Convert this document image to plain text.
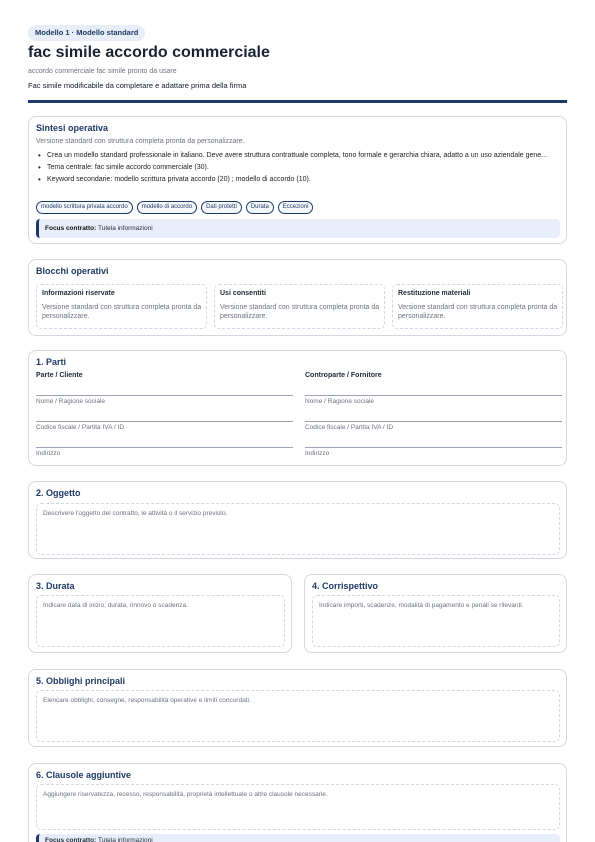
Modello 1 · Modello standard
fac simile accordo commerciale
accordo commerciale fac simile pronto da usare
Fac simile modificabile da completare e adattare prima della firma
Sintesi operativa
Versione standard con struttura completa pronta da personalizzare.
• Crea un modello standard professionale in italiano. Deve avere struttura contrattuale completa, tono formale e gerarchia chiara, adatto a un uso aziendale gene...
• Tema centrale: fac simile accordo commerciale (30).
• Keyword secondarie: modello scrittura privata accordo (20) ; modello di accordo (10).
modello scrittura privata accordo	modello di accordo	Dati protetti	Durata	Eccezioni
Focus contratto: Tutela informazioni
Blocchi operativi
Informazioni riservate
Versione standard con struttura completa pronta da personalizzare.
Usi consentiti
Versione standard con struttura completa pronta da personalizzare.
Restituzione materiali
Versione standard con struttura completa pronta da personalizzare.
1. Parti
Parte / Cliente	Controparte / Fornitore
Nome / Ragione sociale
Codice fiscale / Partita IVA / ID
Indirizzo
Nome / Ragione sociale
Codice fiscale / Partita IVA / ID
Indirizzo
2. Oggetto
Descrivere l'oggetto del contratto, le attività o il servizio previsto.
3. Durata
Indicare data di inizio, durata, rinnovo o scadenza.
4. Corrispettivo
Indicare importi, scadenze, modalità di pagamento e penali se rilevanti.
5. Obblighi principali
Elencare obblighi, consegne, responsabilità operative e limiti concordati.
6. Clausole aggiuntive
Aggiungere riservatezza, recesso, responsabilità, proprietà intellettuale o altre clausole necessarie.
Focus contratto: Tutela informazioni
